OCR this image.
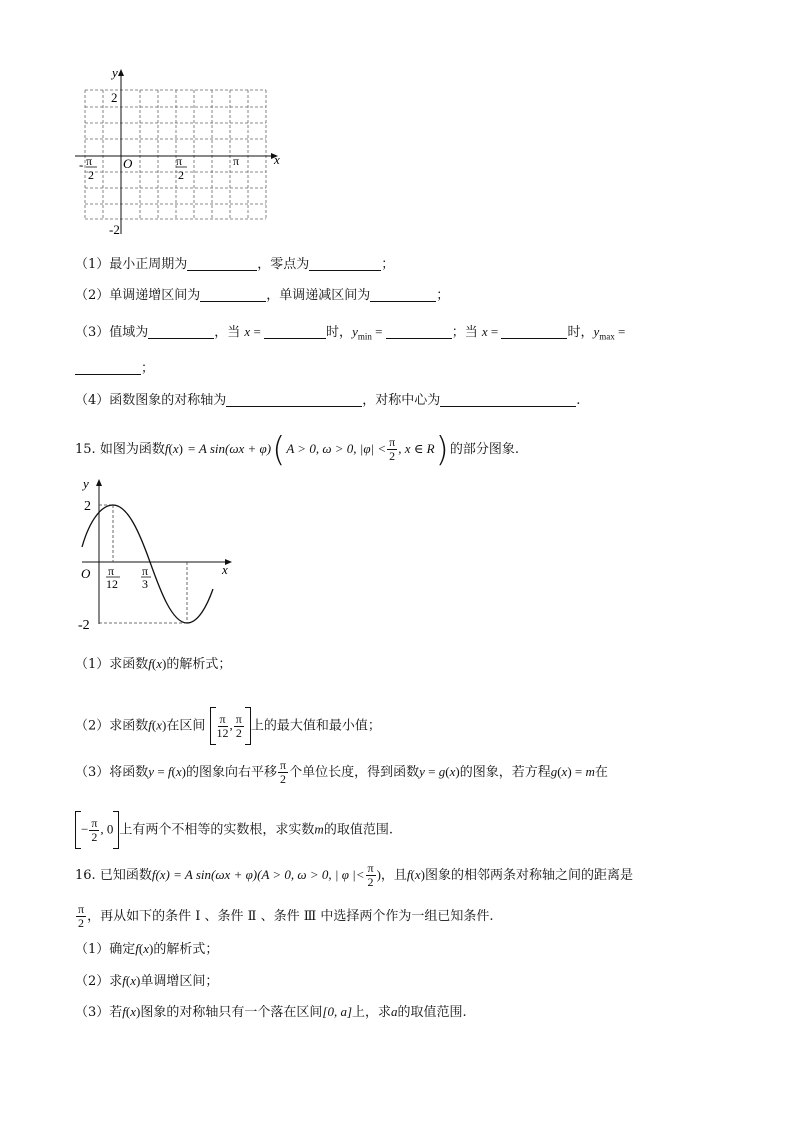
y
x
O
2
-2
- π
2
π
2
π
（1）最小正周期为	，零点为	；
（2）单调递增区间为	，单调递减区间为	；
（3）值域为	，当 x =	时，$y_{min}$ =	；当 x =	时，$y_{max}$ =
；
（4）函数图象的对称轴为	，对称中心为	.
15. 如图为函数f(x) = A sin(ωx + φ)(A > 0, ω > 0, $|\varphi| < \frac{\pi}{2}$ , x ∈ R)的部分图象.
y
x
O
2
-2
π
12
π
3
（1）求函数f(x)的解析式；
（2）求函数f(x)在区间 $\frac{\pi}{12}$ , $\frac{\pi}{2}$ 上的最大值和最小值；
（3）将函数y = f(x)的图象向右平移 $\frac{\pi}{2}$ 个单位长度，得到函数y = g(x)的图象，若方程g(x) = m在
− $\frac{\pi}{2}$ , 0 上有两个不相等的实数根，求实数m的取值范围.
16. 已知函数f(x) = A sin(ωx + φ)(A > 0, ω > 0, | φ |< $\frac{\pi}{2}$ )，且f(x)图象的相邻两条对称轴之间的距离是
$\frac{\pi}{2}$ ，再从如下的条件 Ⅰ 、条件 Ⅱ 、条件 Ⅲ 中选择两个作为一组已知条件.
（1）确定f(x)的解析式；
（2）求f(x)单调增区间；
（3）若f(x)图象的对称轴只有一个落在区间[0, a]上，求a的取值范围.
